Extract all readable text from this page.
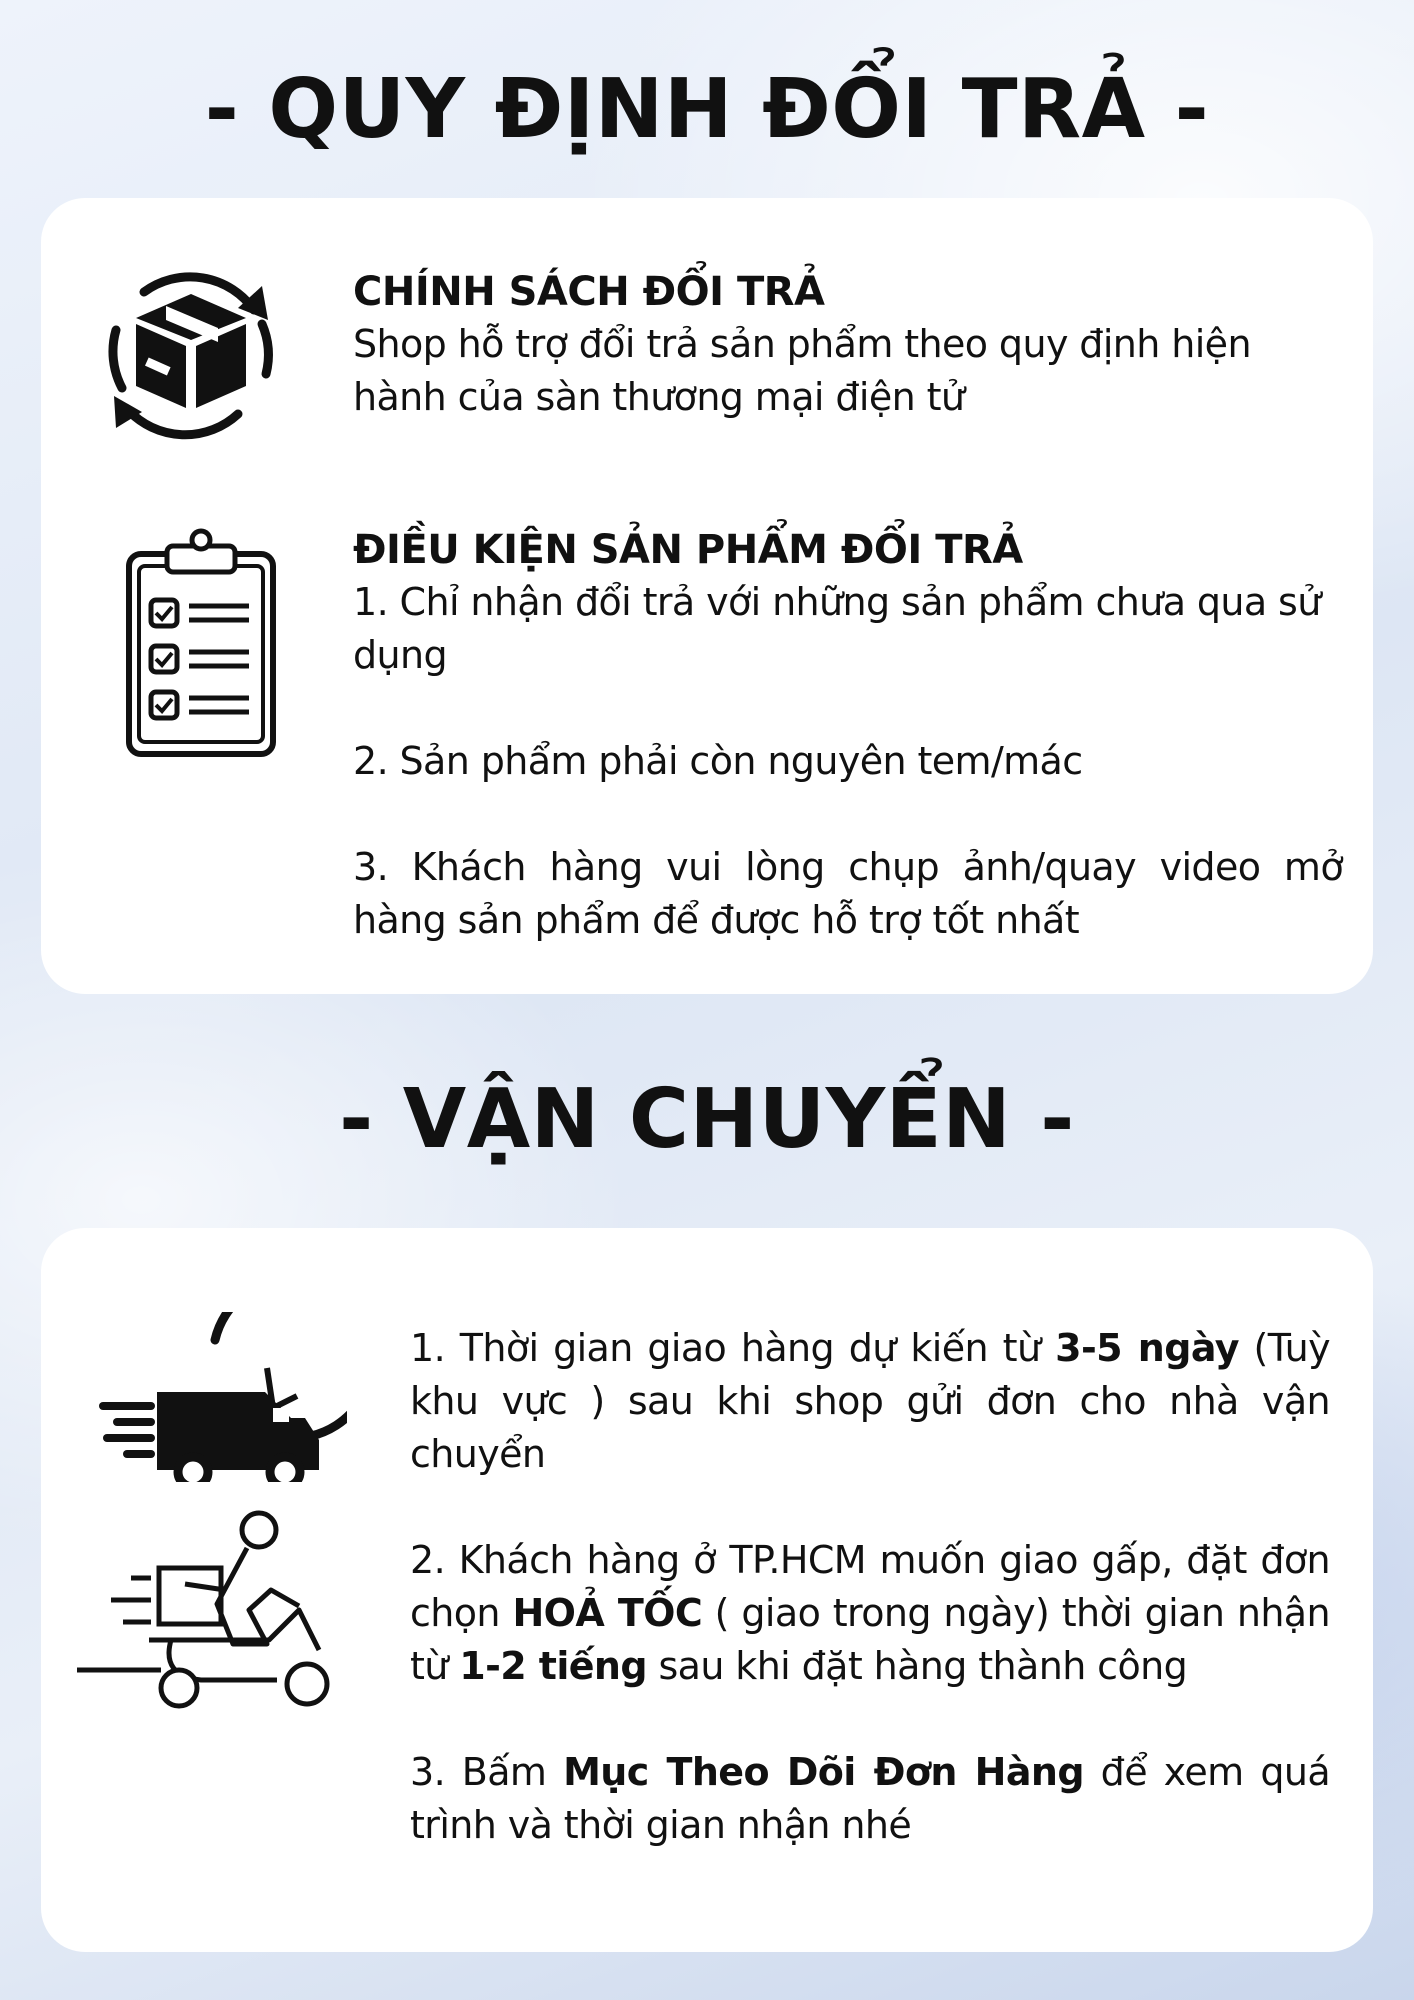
- QUY ĐỊNH ĐỔI TRẢ -
CHÍNH SÁCH ĐỔI TRẢ

Shop hỗ trợ đổi trả sản phẩm theo quy định hiện hành của sàn thương mại điện tử

ĐIỀU KIỆN SẢN PHẨM ĐỔI TRẢ

1. Chỉ nhận đổi trả với những sản phẩm chưa qua sử dụng

2. Sản phẩm phải còn nguyên tem/mác

3. Khách hàng vui lòng chụp ảnh/quay video mở hàng sản phẩm để được hỗ trợ tốt nhất

- VẬN CHUYỂN -

1. Thời gian giao hàng dự kiến từ 3-5 ngày (Tuỳ khu vực ) sau khi shop gửi đơn cho nhà vận chuyển

2. Khách hàng ở TP.HCM muốn giao gấp, đặt đơn chọn HOẢ TỐC ( giao trong ngày) thời gian nhận từ 1-2 tiếng sau khi đặt hàng thành công

3. Bấm Mục Theo Dõi Đơn Hàng để xem quá trình và thời gian nhận nhé
